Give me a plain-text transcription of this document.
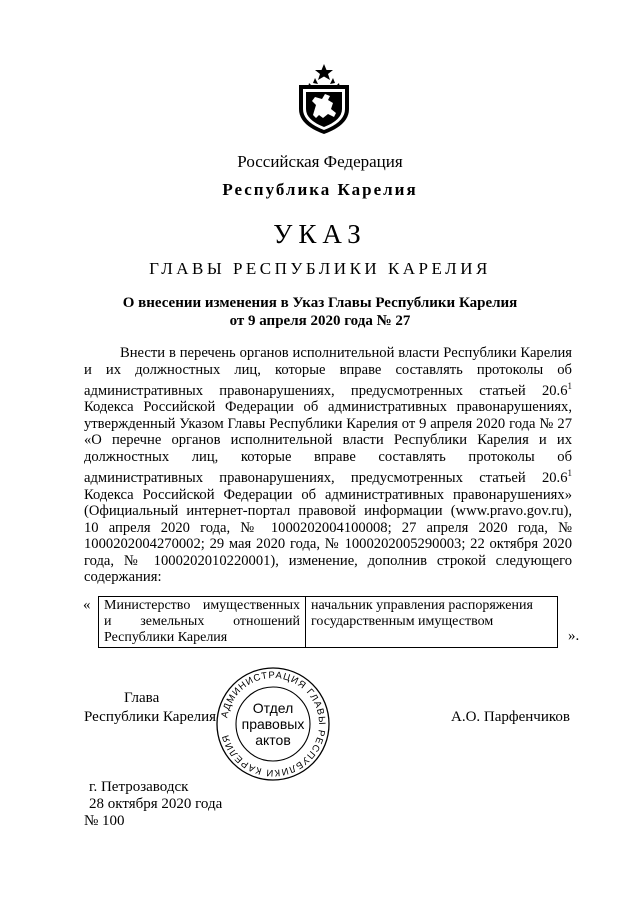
Российская Федерация
Республика Карелия
УКАЗ
ГЛАВЫ РЕСПУБЛИКИ КАРЕЛИЯ
О внесении изменения в Указ Главы Республики Карелия
от 9 апреля 2020 года № 27

Внести в перечень органов исполнительной власти Республики Карелия и их должностных лиц, которые вправе составлять протоколы об административных правонарушениях, предусмотренных статьей 20.6$^1$ Кодекса Российской Федерации об административных правонарушениях, утвержденный Указом Главы Республики Карелия от 9 апреля 2020 года № 27 «О перечне органов исполнительной власти Республики Карелия и их должностных лиц, которые вправе составлять протоколы об административных правонарушениях, предусмотренных статьей 20.6$^1$ Кодекса Российской Федерации об административных правонарушениях» (Официальный интернет-портал правовой информации (www.pravo.gov.ru), 10 апреля 2020 года, № 1000202004100008; 27 апреля 2020 года, № 1000202004270002; 29 мая 2020 года, № 1000202005290003; 22 октября 2020 года, № 1000202010220001), изменение, дополнив строкой следующего содержания:

« Министерство имущественных и земельных отношений Республики Карелия	начальник управления распоряжения государственным имуществом
».
Глава
Республики Карелия	А.О. Парфенчиков
АДМИНИСТРАЦИЯ ГЛАВЫ РЕСПУБЛИКИ КАРЕЛИЯ
Отдел
правовых
актов
г. Петрозаводск
28 октября 2020 года
№ 100
